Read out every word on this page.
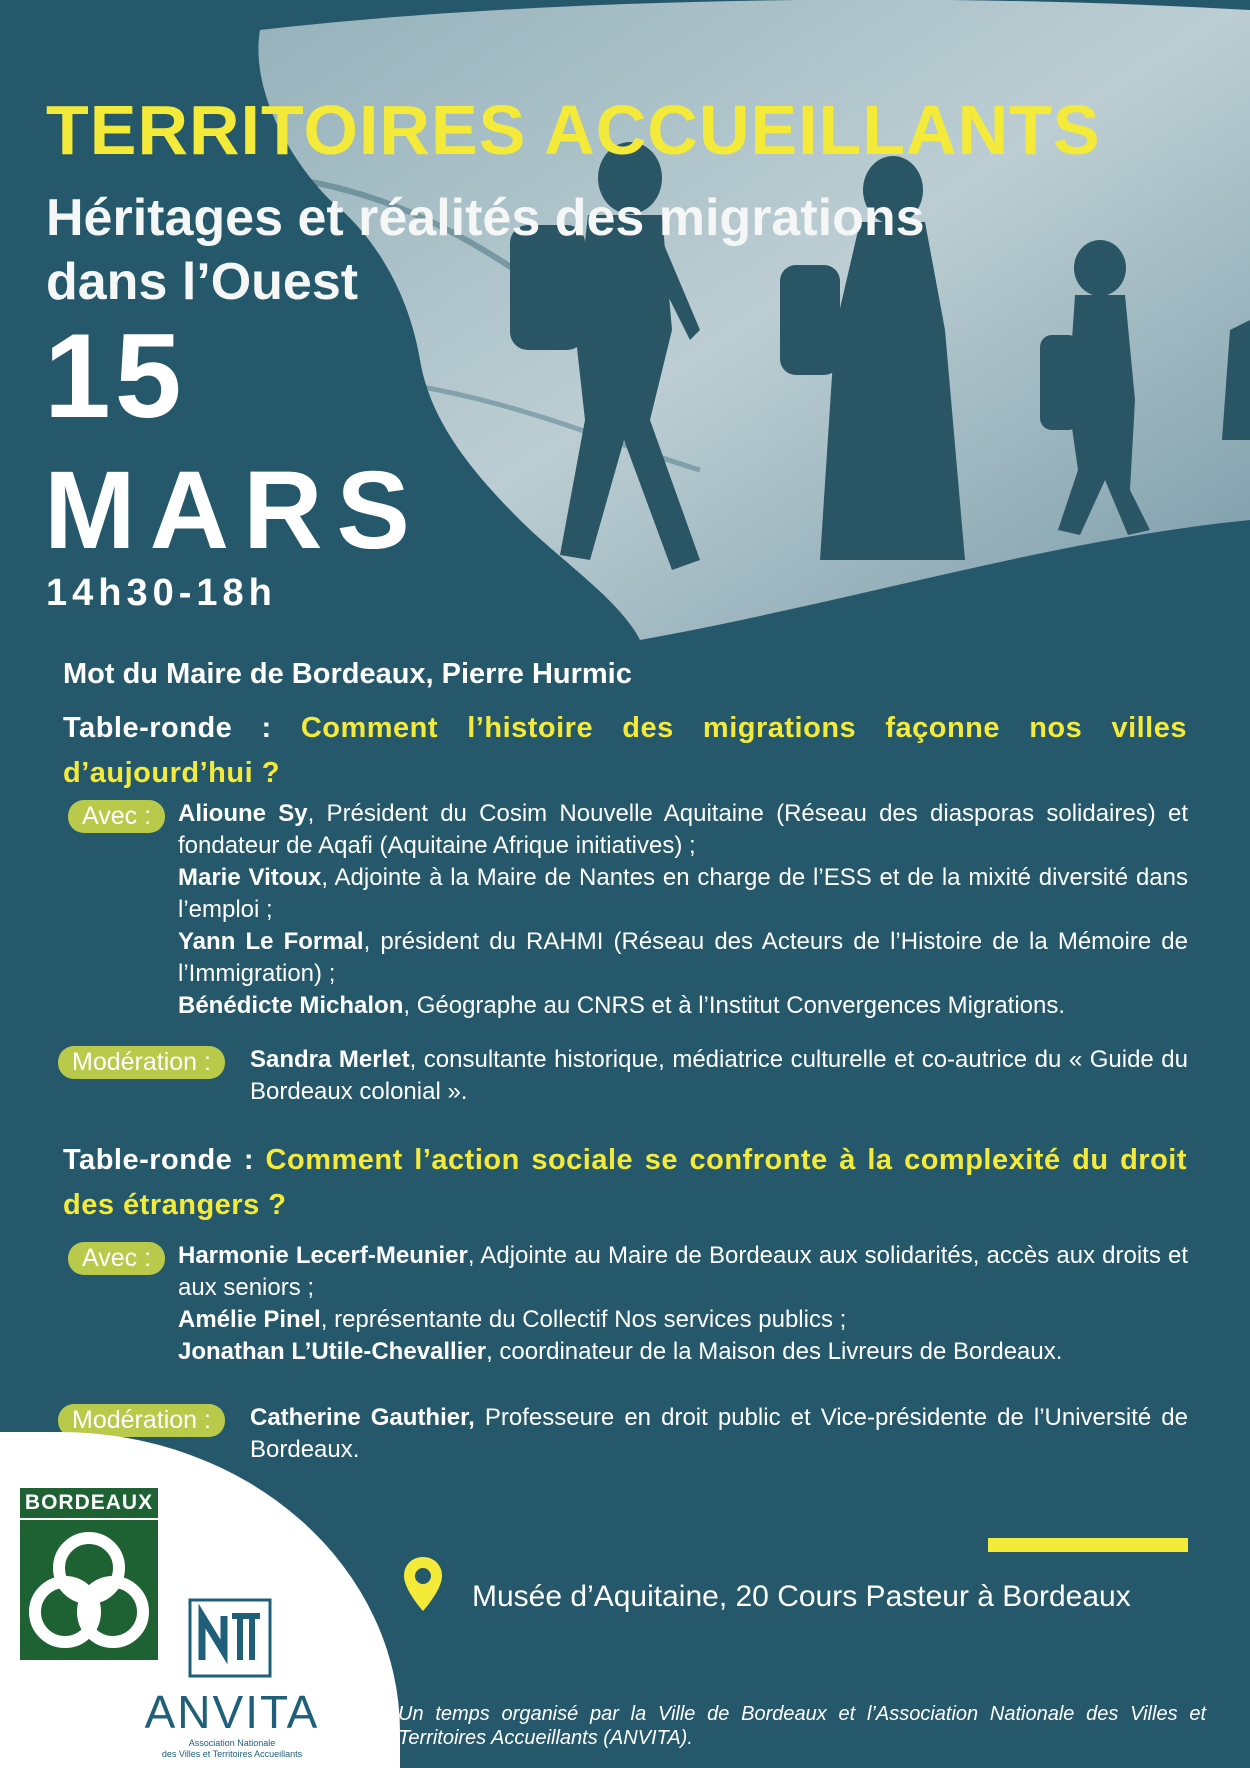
TERRITOIRES ACCUEILLANTS
Héritages et réalités des migrations
dans l’Ouest
15
MARS
14h30-18h
Mot du Maire de Bordeaux, Pierre Hurmic
Table-ronde : Comment l’histoire des migrations façonne nos villes d’aujourd’hui ?
Avec :	Alioune Sy, Président du Cosim Nouvelle Aquitaine (Réseau des diasporas solidaires) et fondateur de Aqafi (Aquitaine Afrique initiatives) ;
Marie Vitoux, Adjointe à la Maire de Nantes en charge de l’ESS et de la mixité diversité dans l’emploi ;
Yann Le Formal, président du RAHMI (Réseau des Acteurs de l’Histoire de la Mémoire de l’Immigration) ;
Bénédicte Michalon, Géographe au CNRS et à l’Institut Convergences Migrations.
Modération :	Sandra Merlet, consultante historique, médiatrice culturelle et co-autrice du « Guide du Bordeaux colonial ».
Table-ronde : Comment l’action sociale se confronte à la complexité du droit des étrangers ?
Avec :	Harmonie Lecerf-Meunier, Adjointe au Maire de Bordeaux aux solidarités, accès aux droits et aux seniors ;
Amélie Pinel, représentante du Collectif Nos services publics ;
Jonathan L’Utile-Chevallier, coordinateur de la Maison des Livreurs de Bordeaux.
Modération :	Catherine Gauthier, Professeure en droit public et Vice-présidente de l’Université de Bordeaux.
BORDEAUX
ANVITA
Association Nationale
des Villes et Territoires Accueillants
Musée d’Aquitaine, 20 Cours Pasteur à Bordeaux
Un temps organisé par la Ville de Bordeaux et l’Association Nationale des Villes et Territoires Accueillants (ANVITA).
